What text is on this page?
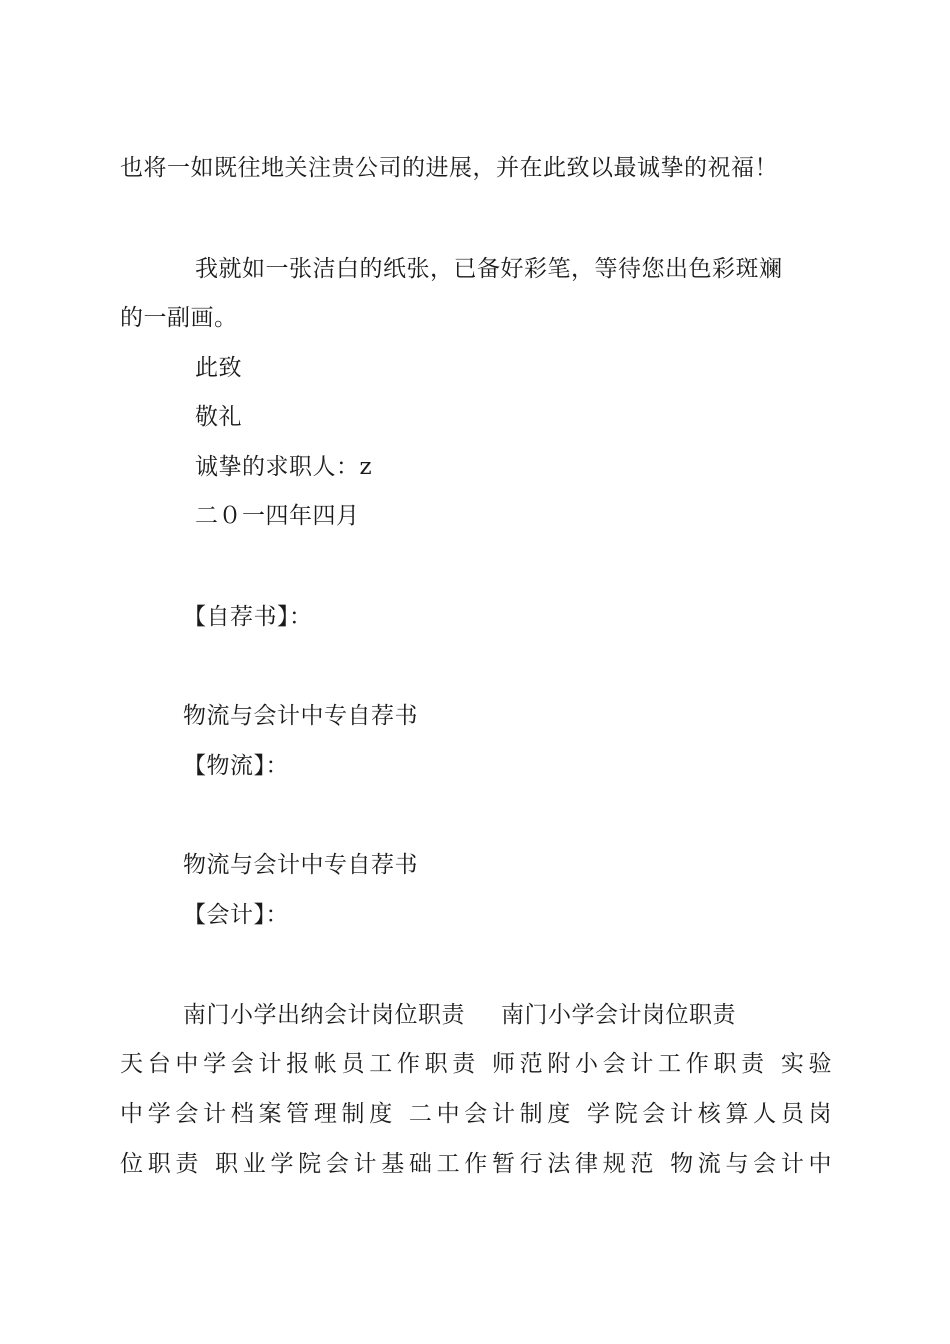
也将一如既往地关注贵公司的进展，并在此致以最诚挚的祝福！
我就如一张洁白的纸张，已备好彩笔，等待您出色彩斑斓
的一副画。
此致
敬礼
诚挚的求职人：z
二０一四年四月
【自荐书】：
物流与会计中专自荐书
【物流】：
物流与会计中专自荐书
【会计】：
南门小学出纳会计岗位职责 南门小学会计岗位职责
天台中学会计报帐员工作职责 师范附小会计工作职责 实验
中学会计档案管理制度 二中会计制度 学院会计核算人员岗
位职责 职业学院会计基础工作暂行法律规范 物流与会计中
